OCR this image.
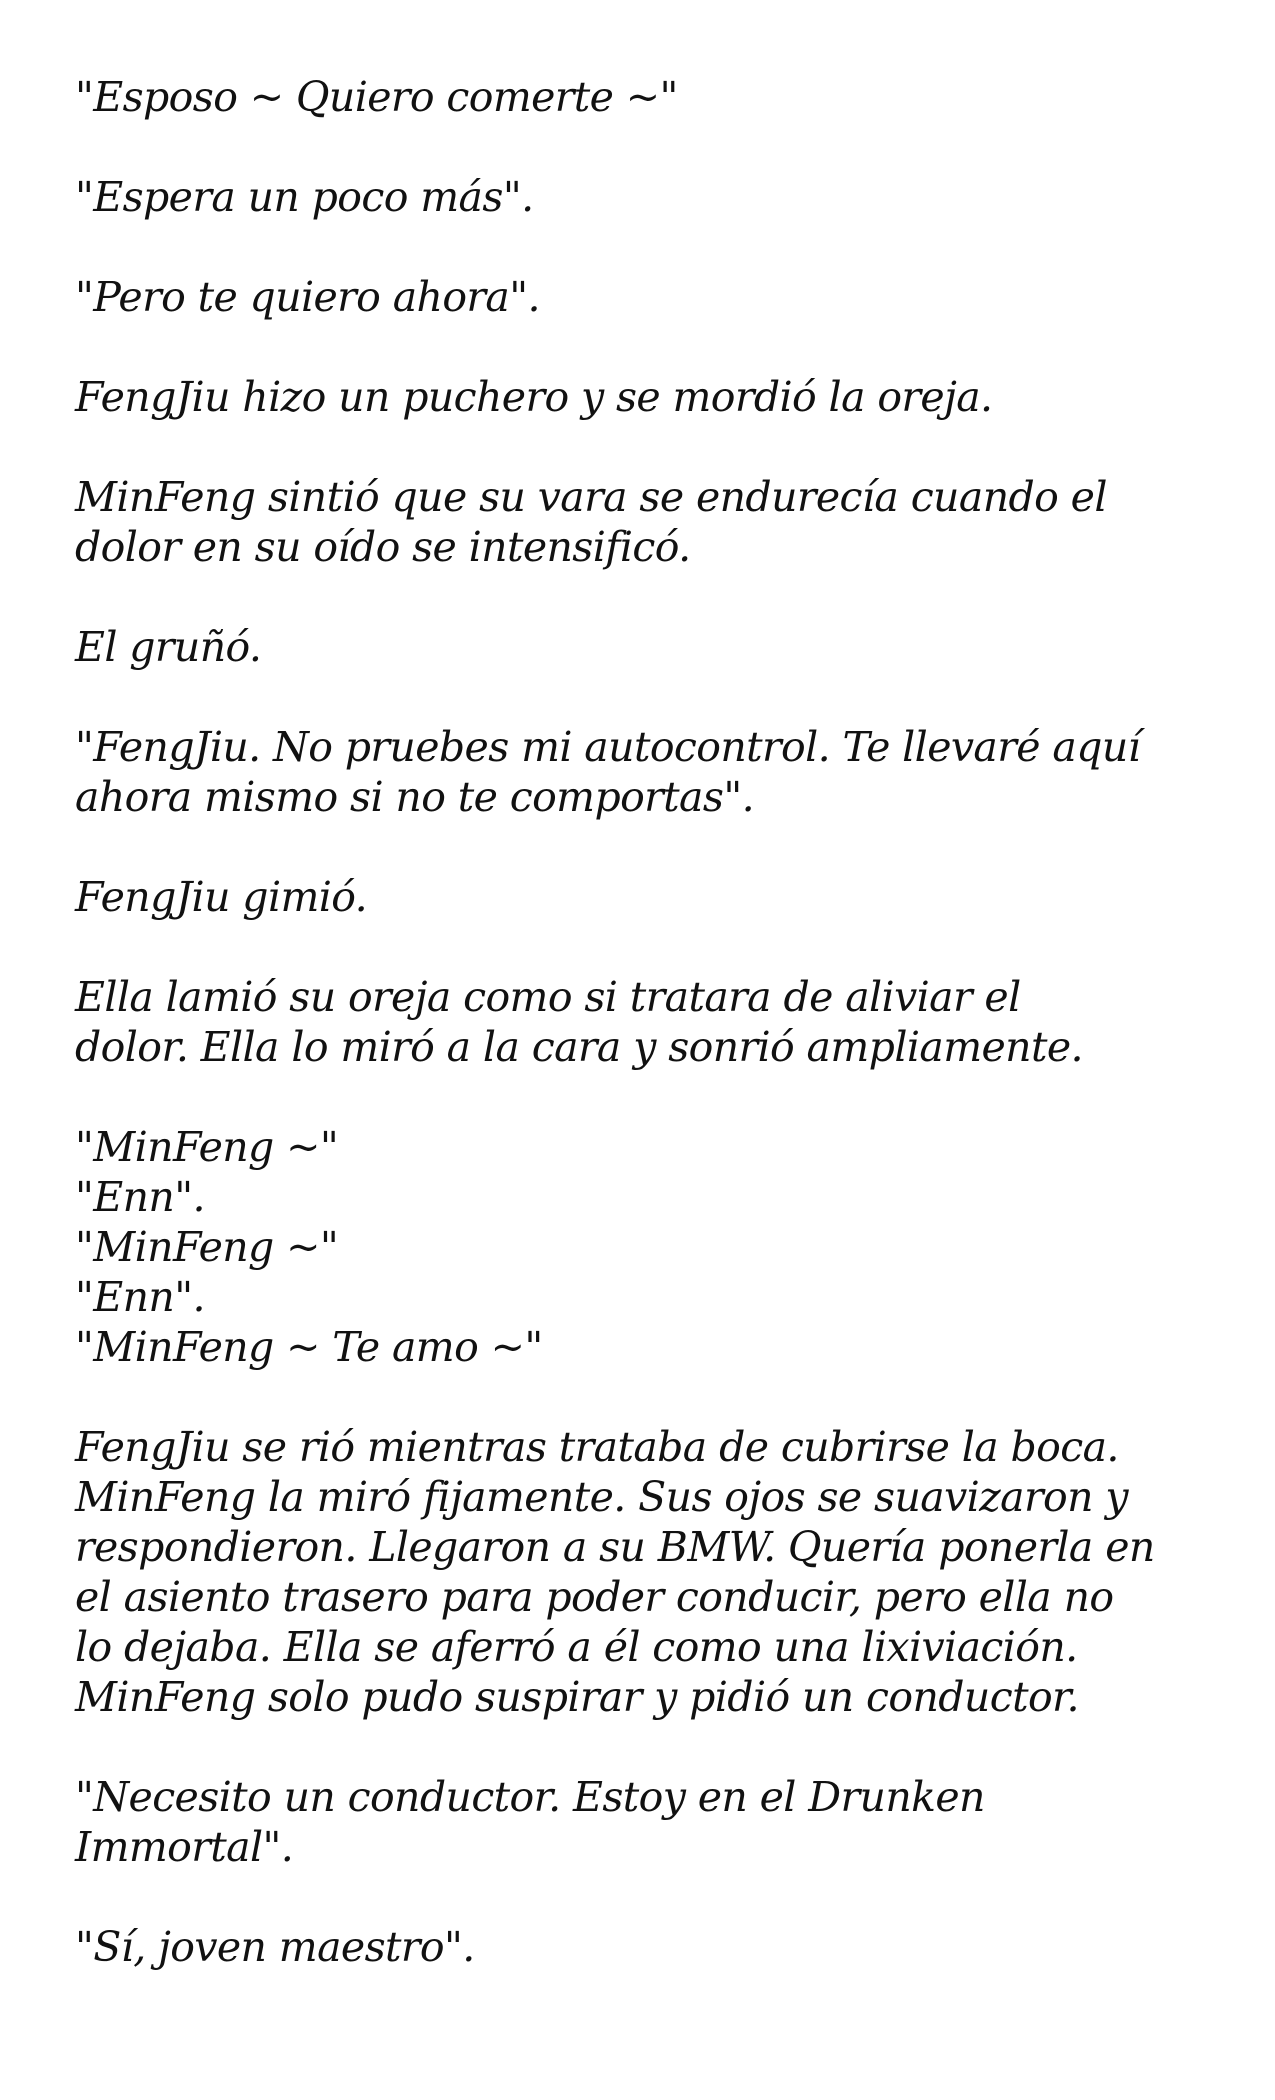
"Esposo ~ Quiero comerte ~"

"Espera un poco más".

"Pero te quiero ahora".

FengJiu hizo un puchero y se mordió la oreja.

MinFeng sintió que su vara se endurecía cuando el
dolor en su oído se intensificó.

El gruñó.

"FengJiu. No pruebes mi autocontrol. Te llevaré aquí
ahora mismo si no te comportas".

FengJiu gimió.

Ella lamió su oreja como si tratara de aliviar el
dolor. Ella lo miró a la cara y sonrió ampliamente.

"MinFeng ~"
"Enn".
"MinFeng ~"
"Enn".
"MinFeng ~ Te amo ~"

FengJiu se rió mientras trataba de cubrirse la boca.
MinFeng la miró fijamente. Sus ojos se suavizaron y
respondieron. Llegaron a su BMW. Quería ponerla en
el asiento trasero para poder conducir, pero ella no
lo dejaba. Ella se aferró a él como una lixiviación.
MinFeng solo pudo suspirar y pidió un conductor.

"Necesito un conductor. Estoy en el Drunken
Immortal".

"Sí, joven maestro".
